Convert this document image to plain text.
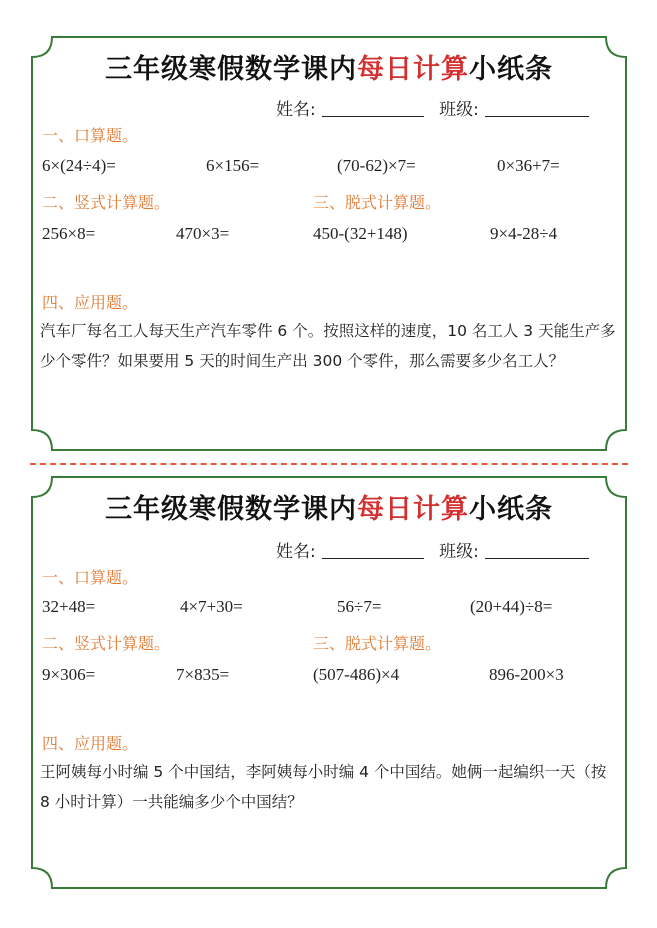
三年级寒假数学课内每日计算小纸条
姓名:	班级:
一、口算题。
6×(24÷4)=	6×156=	(70-62)×7=	0×36+7=
二、竖式计算题。	三、脱式计算题。
256×8=	470×3=	450-(32+148)	9×4-28÷4
四、应用题。
汽车厂每名工人每天生产汽车零件 6 个。按照这样的速度，10 名工人 3 天能生产多少个零件？如果要用 5 天的时间生产出 300 个零件，那么需要多少名工人？
三年级寒假数学课内每日计算小纸条
姓名:	班级:
一、口算题。
32+48=	4×7+30=	56÷7=	(20+44)÷8=
二、竖式计算题。	三、脱式计算题。
9×306=	7×835=	(507-486)×4	896-200×3
四、应用题。
王阿姨每小时编 5 个中国结，李阿姨每小时编 4 个中国结。她俩一起编织一天（按 8 小时计算）一共能编多少个中国结？
